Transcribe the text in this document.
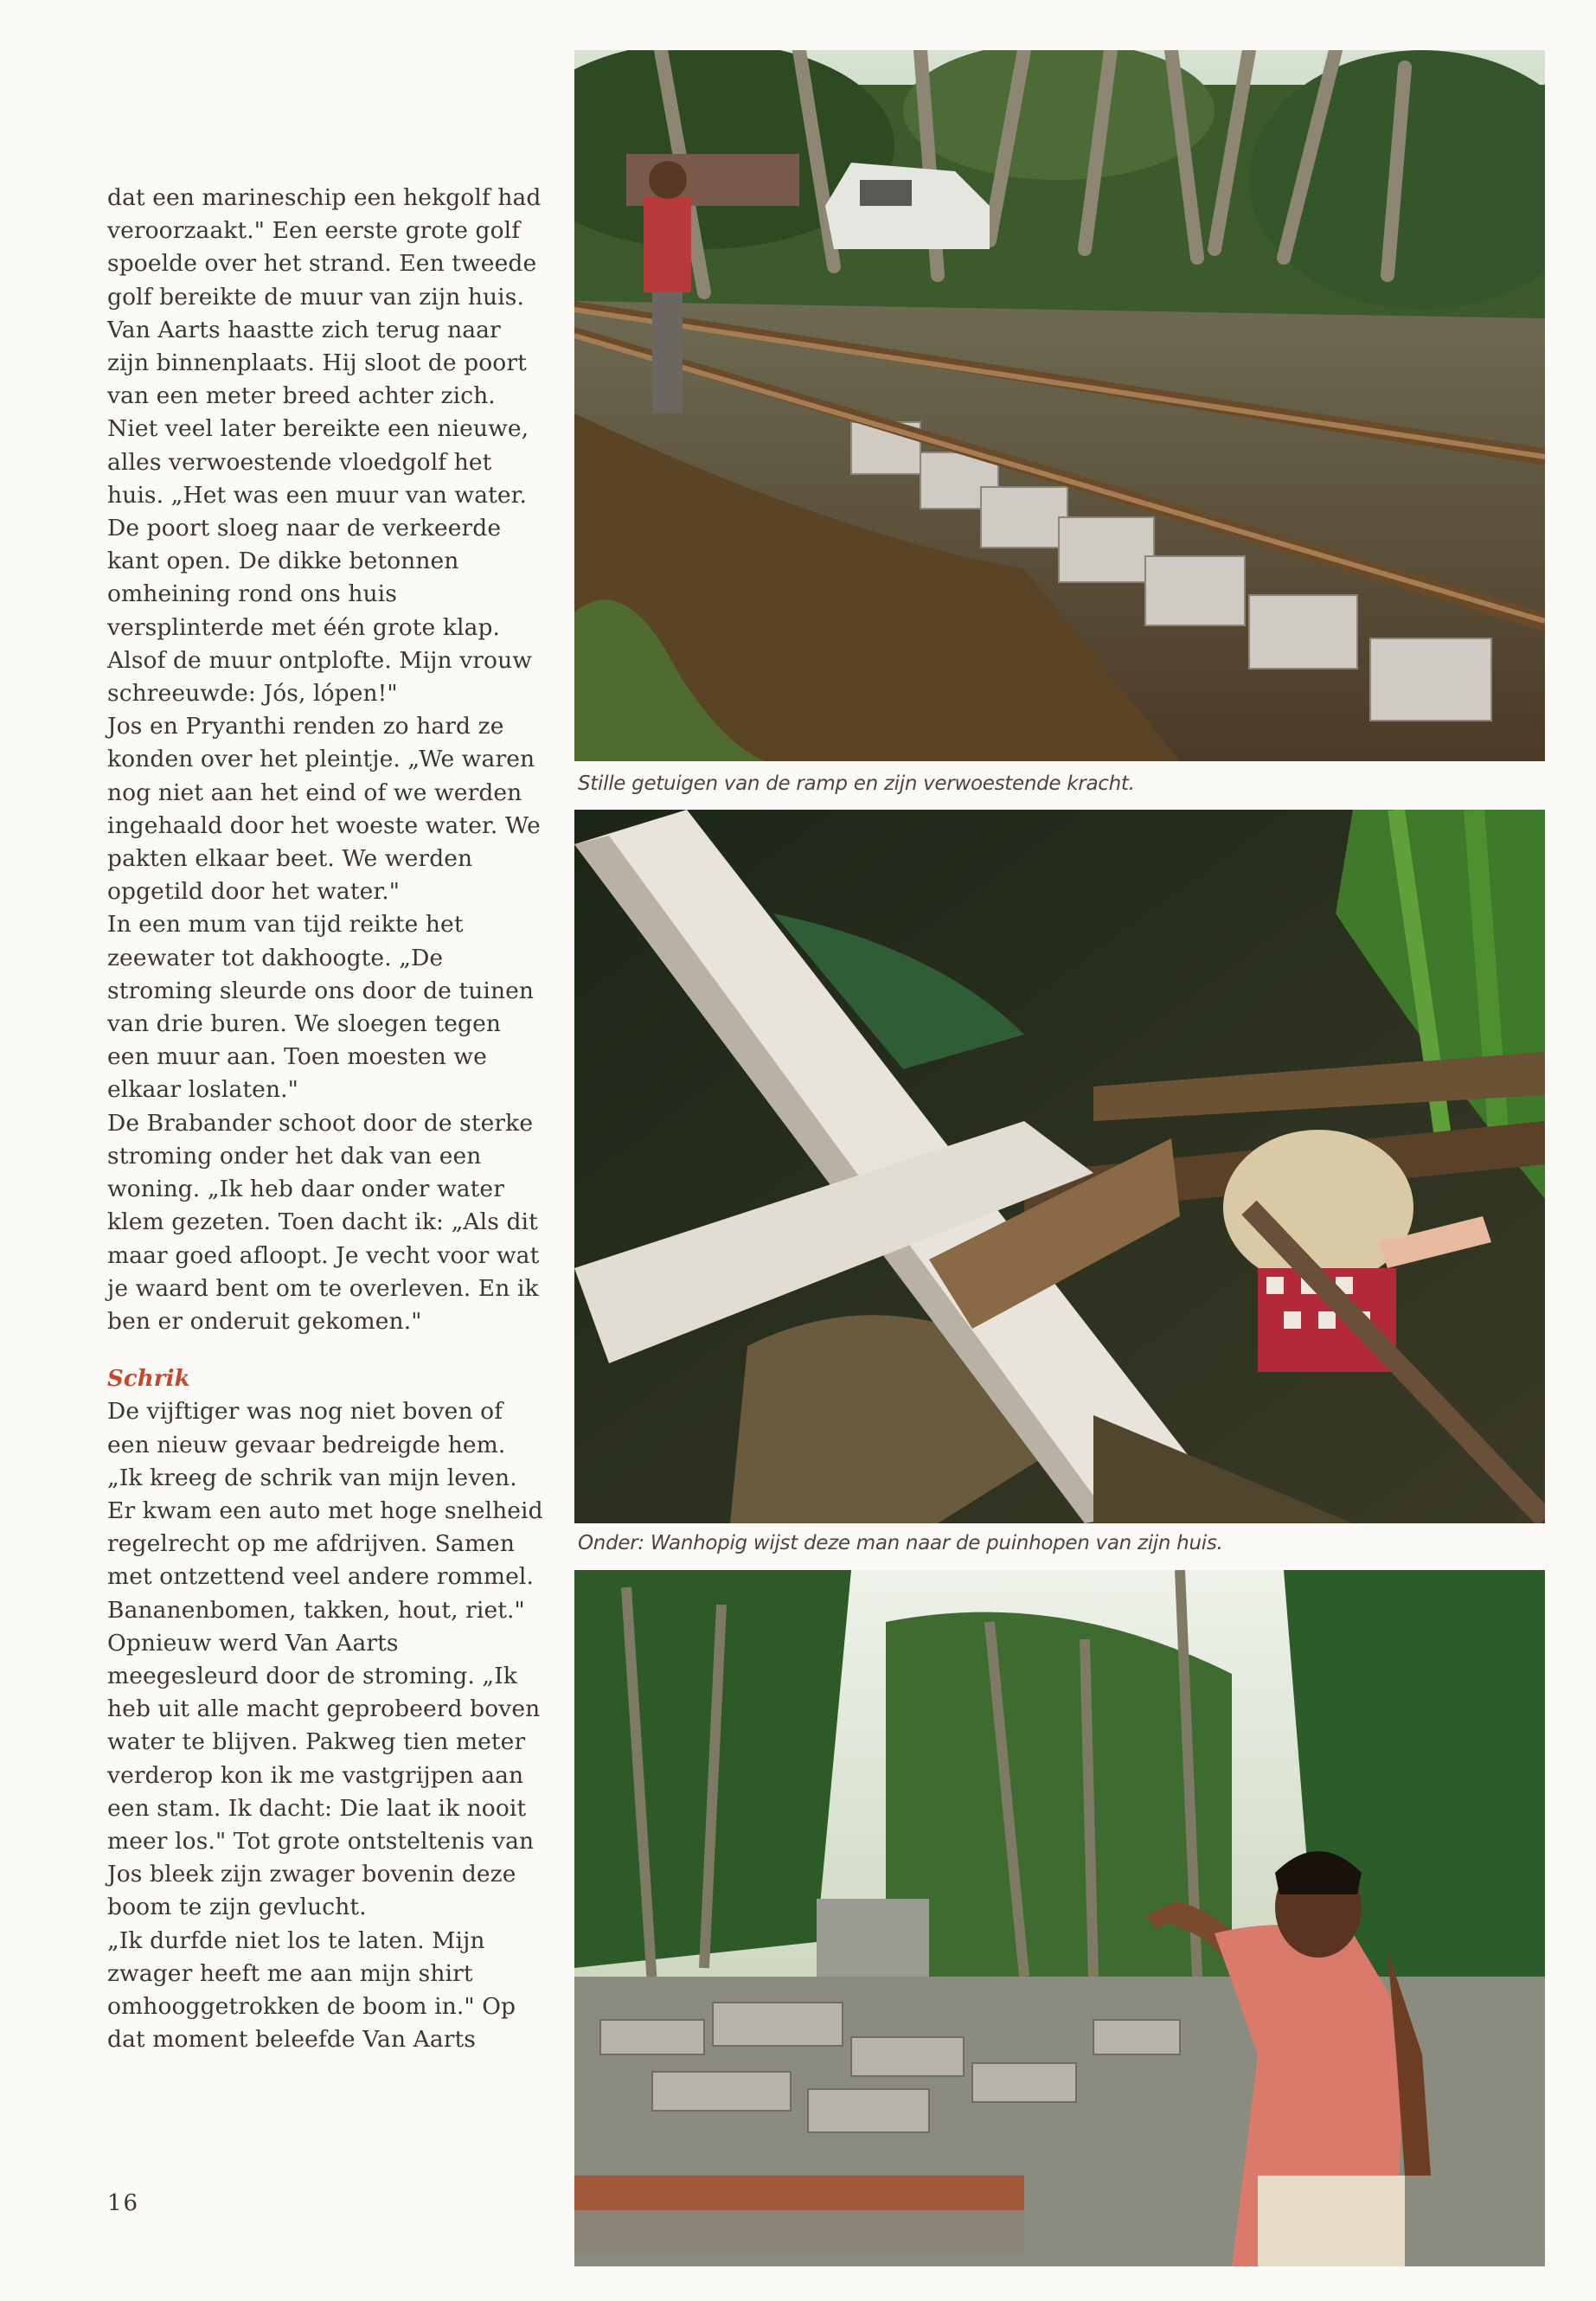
dat een marineschip een hekgolf had veroorzaakt." Een eerste grote golf spoelde over het strand. Een tweede golf bereikte de muur van zijn huis.

Van Aarts haastte zich terug naar zijn binnenplaats. Hij sloot de poort van een meter breed achter zich. Niet veel later bereikte een nieuwe, alles verwoestende vloedgolf het huis. „Het was een muur van water. De poort sloeg naar de verkeerde kant open. De dikke betonnen omheining rond ons huis versplinterde met één grote klap. Alsof de muur ontplofte. Mijn vrouw schreeuwde: Jós, lópen!"

Jos en Pryanthi renden zo hard ze konden over het pleintje. „We waren nog niet aan het eind of we werden ingehaald door het woeste water. We pakten elkaar beet. We werden opgetild door het water."

In een mum van tijd reikte het zeewater tot dakhoogte. „De stroming sleurde ons door de tuinen van drie buren. We sloegen tegen een muur aan. Toen moesten we elkaar loslaten."

De Brabander schoot door de sterke stroming onder het dak van een woning. „Ik heb daar onder water klem gezeten. Toen dacht ik: „Als dit maar goed afloopt. Je vecht voor wat je waard bent om te overleven. En ik ben er onderuit gekomen."

Schrik

De vijftiger was nog niet boven of een nieuw gevaar bedreigde hem. „Ik kreeg de schrik van mijn leven. Er kwam een auto met hoge snelheid regelrecht op me afdrijven. Samen met ontzettend veel andere rommel. Bananenbomen, takken, hout, riet."

Opnieuw werd Van Aarts meegesleurd door de stroming. „Ik heb uit alle macht geprobeerd boven water te blijven. Pakweg tien meter verderop kon ik me vastgrijpen aan een stam. Ik dacht: Die laat ik nooit meer los." Tot grote ontsteltenis van Jos bleek zijn zwager bovenin deze boom te zijn gevlucht.

„Ik durfde niet los te laten. Mijn zwager heeft me aan mijn shirt omhooggetrokken de boom in." Op dat moment beleefde Van Aarts

16
Stille getuigen van de ramp en zijn verwoestende kracht.
Onder: Wanhopig wijst deze man naar de puinhopen van zijn huis.
